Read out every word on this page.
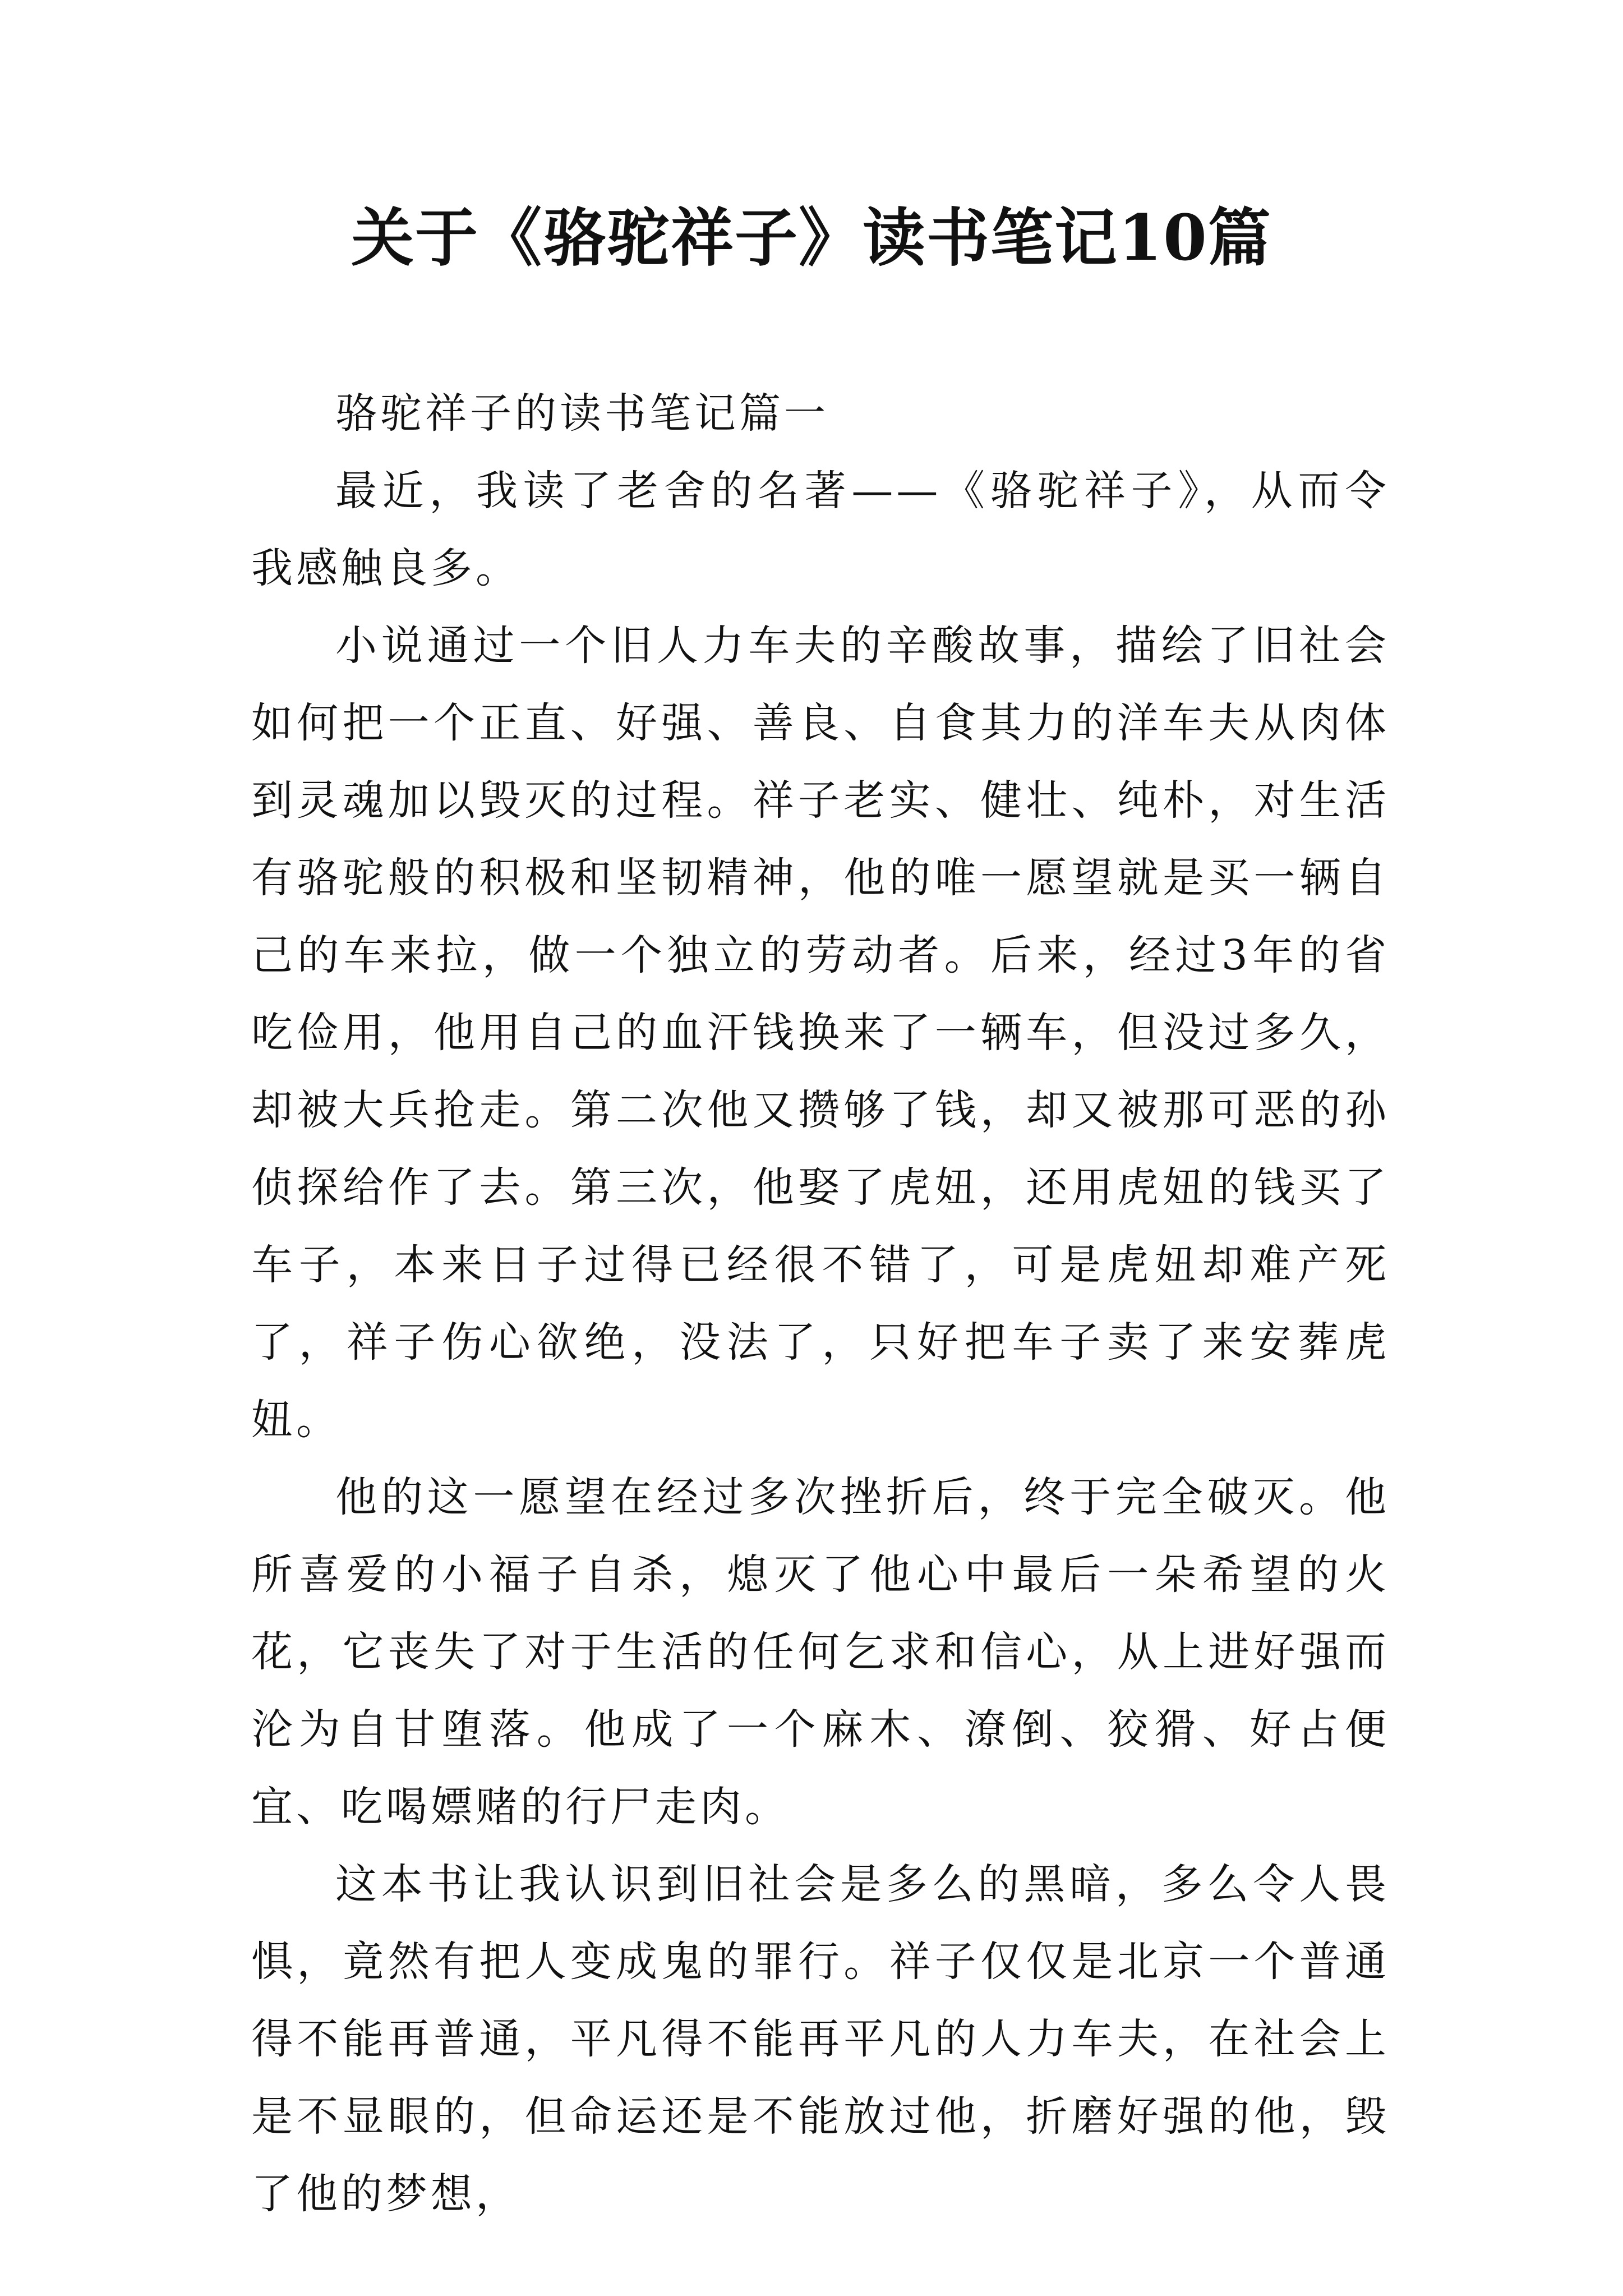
关于《骆驼祥子》读书笔记10篇

骆驼祥子的读书笔记篇一

最近，我读了老舍的名著——《骆驼祥子》，从而令我感触良多。

小说通过一个旧人力车夫的辛酸故事，描绘了旧社会如何把一个正直、好强、善良、自食其力的洋车夫从肉体到灵魂加以毁灭的过程。祥子老实、健壮、纯朴，对生活有骆驼般的积极和坚韧精神，他的唯一愿望就是买一辆自己的车来拉，做一个独立的劳动者。后来，经过3年的省吃俭用，他用自己的血汗钱换来了一辆车，但没过多久，却被大兵抢走。第二次他又攒够了钱，却又被那可恶的孙侦探给作了去。第三次，他娶了虎妞，还用虎妞的钱买了车子，本来日子过得已经很不错了，可是虎妞却难产死了，祥子伤心欲绝，没法了，只好把车子卖了来安葬虎妞。

他的这一愿望在经过多次挫折后，终于完全破灭。他所喜爱的小福子自杀，熄灭了他心中最后一朵希望的火花，它丧失了对于生活的任何乞求和信心，从上进好强而沦为自甘堕落。他成了一个麻木、潦倒、狡猾、好占便宜、吃喝嫖赌的行尸走肉。

这本书让我认识到旧社会是多么的黑暗，多么令人畏惧，竟然有把人变成鬼的罪行。祥子仅仅是北京一个普通得不能再普通，平凡得不能再平凡的人力车夫，在社会上是不显眼的，但命运还是不能放过他，折磨好强的他，毁了他的梦想，
